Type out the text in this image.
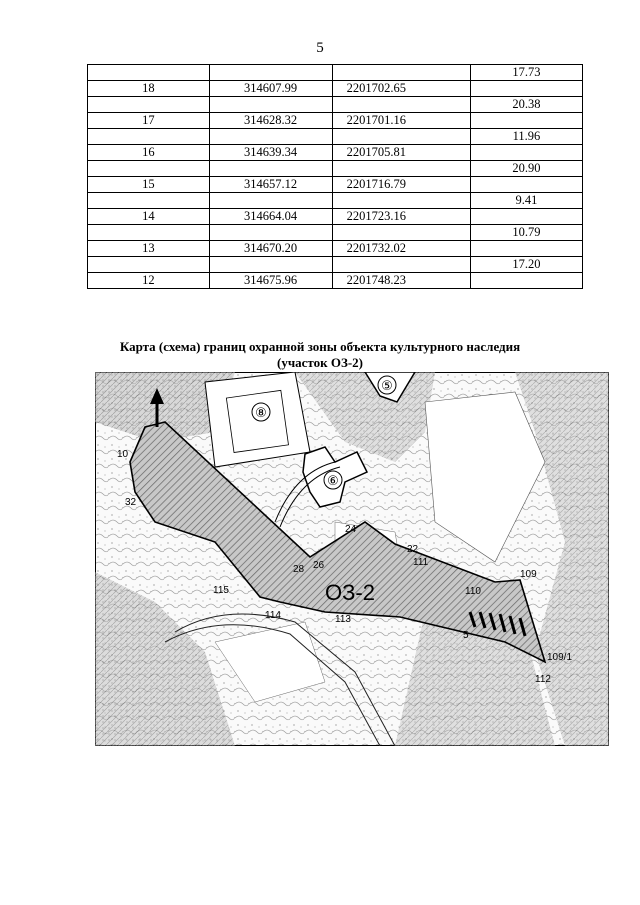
5
			17.73
18	314607.99	2201702.65	
			20.38
17	314628.32	2201701.16	
			11.96
16	314639.34	2201705.81	
			20.90
15	314657.12	2201716.79	
			9.41
14	314664.04	2201723.16	
			10.79
13	314670.20	2201732.02	
			17.20
12	314675.96	2201748.23	
Карта (схема) границ охранной зоны объекта культурного наследия
(участок ОЗ-2)
⑧
⑤
⑥
ОЗ-2
10
32
28 26
24
22
111
110
109
109/1
112
113
114
5
115
